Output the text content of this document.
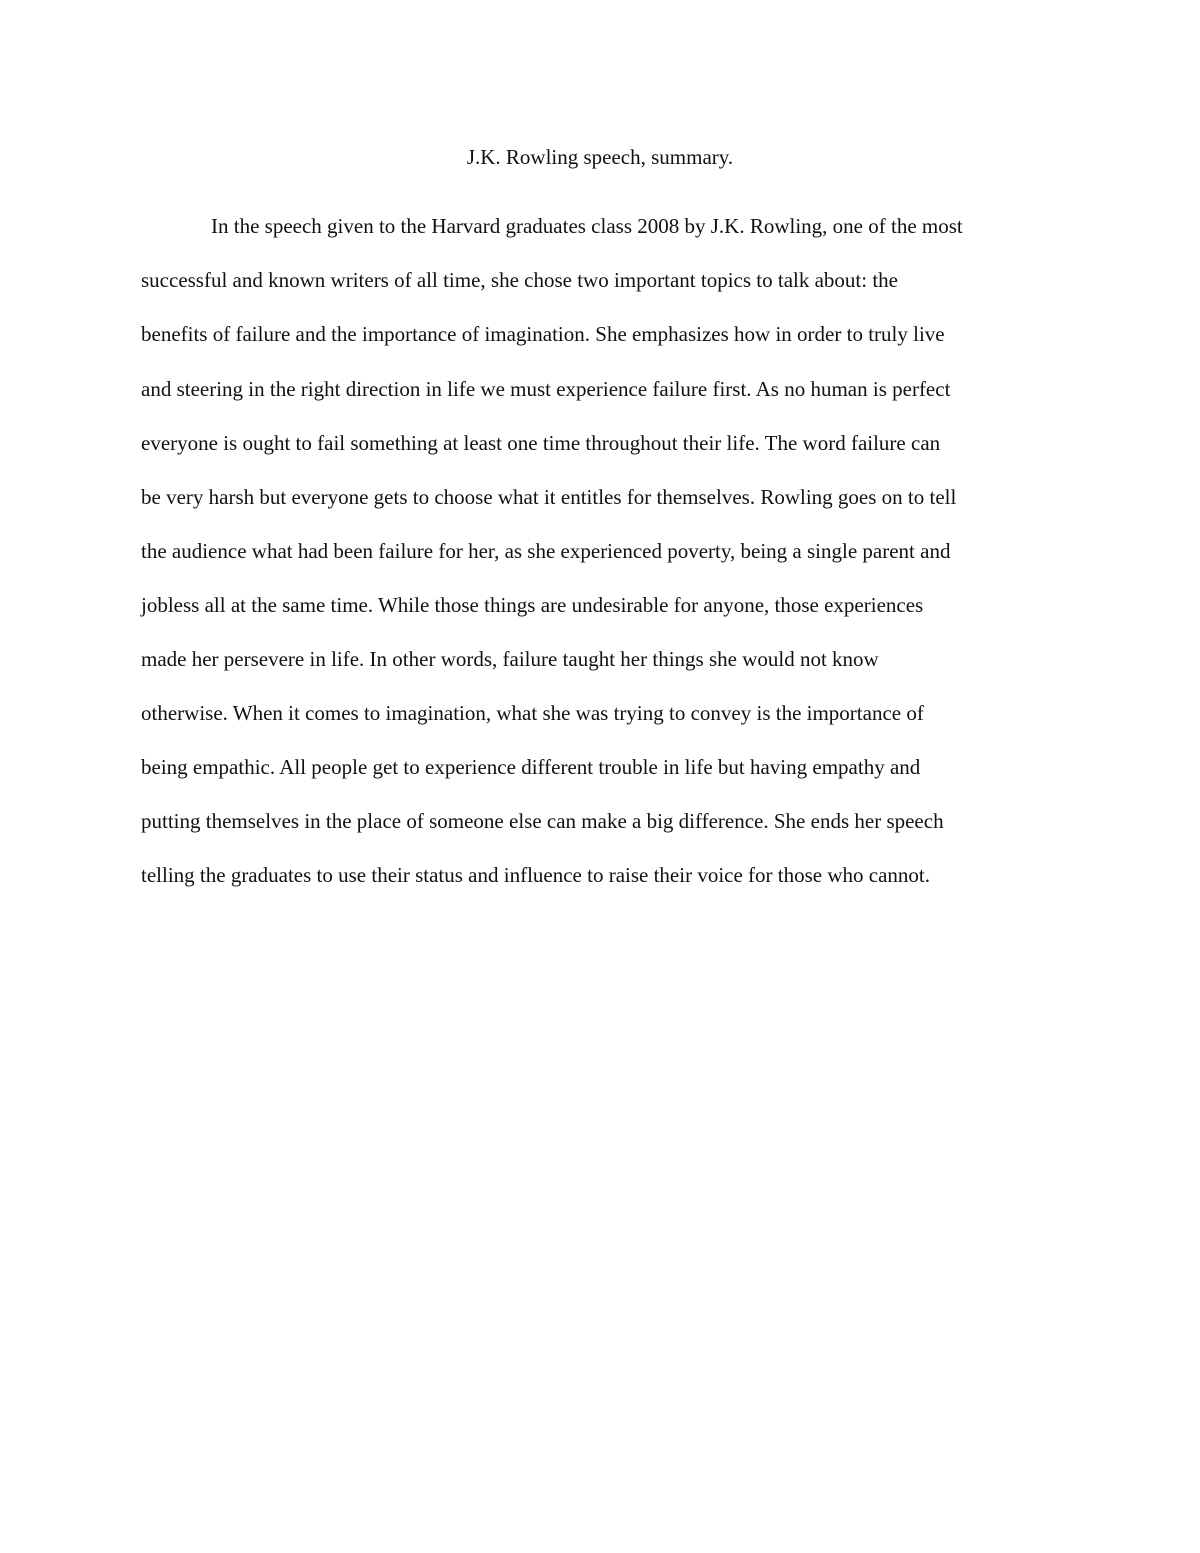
J.K. Rowling speech, summary.
In the speech given to the Harvard graduates class 2008 by J.K. Rowling, one of the most
successful and known writers of all time, she chose two important topics to talk about: the
benefits of failure and the importance of imagination. She emphasizes how in order to truly live
and steering in the right direction in life we must experience failure first. As no human is perfect
everyone is ought to fail something at least one time throughout their life. The word failure can
be very harsh but everyone gets to choose what it entitles for themselves. Rowling goes on to tell
the audience what had been failure for her, as she experienced poverty, being a single parent and
jobless all at the same time. While those things are undesirable for anyone, those experiences
made her persevere in life. In other words, failure taught her things she would not know
otherwise. When it comes to imagination, what she was trying to convey is the importance of
being empathic. All people get to experience different trouble in life but having empathy and
putting themselves in the place of someone else can make a big difference. She ends her speech
telling the graduates to use their status and influence to raise their voice for those who cannot.
